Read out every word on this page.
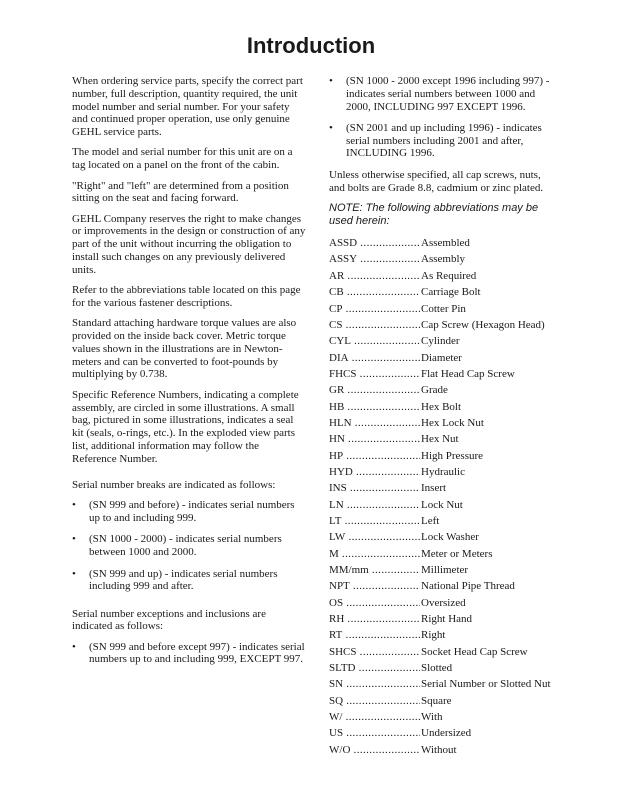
Introduction

When ordering service parts, specify the correct part number, full description, quantity required, the unit model number and serial number. For your safety and continued proper operation, use only genuine GEHL service parts.

The model and serial number for this unit are on a tag located on a panel on the front of the cabin.

"Right" and "left" are determined from a position sitting on the seat and facing forward.

GEHL Company reserves the right to make changes or improvements in the design or construction of any part of the unit without incurring the obligation to install such changes on any previously delivered units.

Refer to the abbreviations table located on this page for the various fastener descriptions.

Standard attaching hardware torque values are also provided on the inside back cover. Metric torque values shown in the illustrations are in Newton-meters and can be converted to foot-pounds by multiplying by 0.738.

Specific Reference Numbers, indicating a complete assembly, are circled in some illustrations. A small bag, pictured in some illustrations, indicates a seal kit (seals, o-rings, etc.). In the exploded view parts list, additional information may follow the Reference Number.

Serial number breaks are indicated as follows:

• (SN 999 and before) - indicates serial numbers up to and including 999.
• (SN 1000 - 2000) - indicates serial numbers between 1000 and 2000.
• (SN 999 and up) - indicates serial numbers including 999 and after.

Serial number exceptions and inclusions are indicated as follows:

• (SN 999 and before except 997) - indicates serial numbers up to and including 999, EXCEPT 997.
• (SN 1000 - 2000 except 1996 including 997) - indicates serial numbers between 1000 and 2000, INCLUDING 997 EXCEPT 1996.
• (SN 2001 and up including 1996) - indicates serial numbers including 2001 and after, INCLUDING 1996.

Unless otherwise specified, all cap screws, nuts, and bolts are Grade 8.8, cadmium or zinc plated.

NOTE: The following abbreviations may be used herein:

ASSD .....	Assembled
ASSY .....	Assembly
AR .....	As Required
CB .....	Carriage Bolt
CP .....	Cotter Pin
CS .....	Cap Screw (Hexagon Head)
CYL .....	Cylinder
DIA .....	Diameter
FHCS .....	Flat Head Cap Screw
GR .....	Grade
HB .....	Hex Bolt
HLN .....	Hex Lock Nut
HN .....	Hex Nut
HP .....	High Pressure
HYD .....	Hydraulic
INS .....	Insert
LN .....	Lock Nut
LT .....	Left
LW .....	Lock Washer
M .....	Meter or Meters
MM/mm .....	Millimeter
NPT .....	National Pipe Thread
OS .....	Oversized
RH .....	Right Hand
RT .....	Right
SHCS .....	Socket Head Cap Screw
SLTD .....	Slotted
SN .....	Serial Number or Slotted Nut
SQ .....	Square
W/ .....	With
US .....	Undersized
W/O .....	Without
